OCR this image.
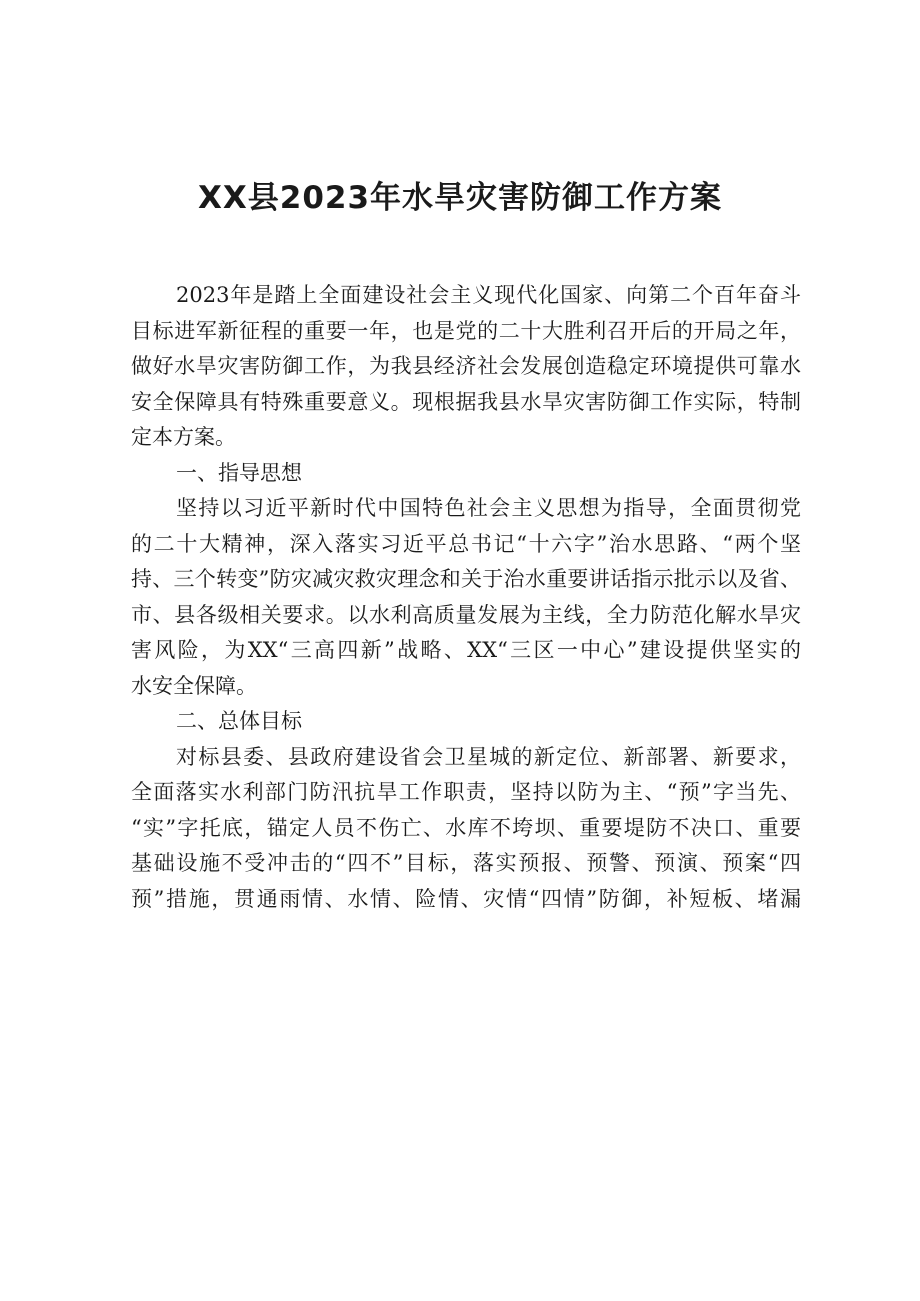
XX县2023年水旱灾害防御工作方案
2023年是踏上全面建设社会主义现代化国家、向第二个百年奋斗
目标进军新征程的重要一年，也是党的二十大胜利召开后的开局之年，
做好水旱灾害防御工作，为我县经济社会发展创造稳定环境提供可靠水
安全保障具有特殊重要意义。现根据我县水旱灾害防御工作实际，特制
定本方案。
一、指导思想
坚持以习近平新时代中国特色社会主义思想为指导，全面贯彻党
的二十大精神，深入落实习近平总书记“十六字”治水思路、“两个坚
持、三个转变”防灾减灾救灾理念和关于治水重要讲话指示批示以及省、
市、县各级相关要求。以水利高质量发展为主线，全力防范化解水旱灾
害风险，为XX“三高四新”战略、XX“三区一中心”建设提供坚实的
水安全保障。
二、总体目标
对标县委、县政府建设省会卫星城的新定位、新部署、新要求，
全面落实水利部门防汛抗旱工作职责，坚持以防为主、“预”字当先、
“实”字托底，锚定人员不伤亡、水库不垮坝、重要堤防不决口、重要
基础设施不受冲击的“四不”目标，落实预报、预警、预演、预案“四
预”措施，贯通雨情、水情、险情、灾情“四情”防御，补短板、堵漏
